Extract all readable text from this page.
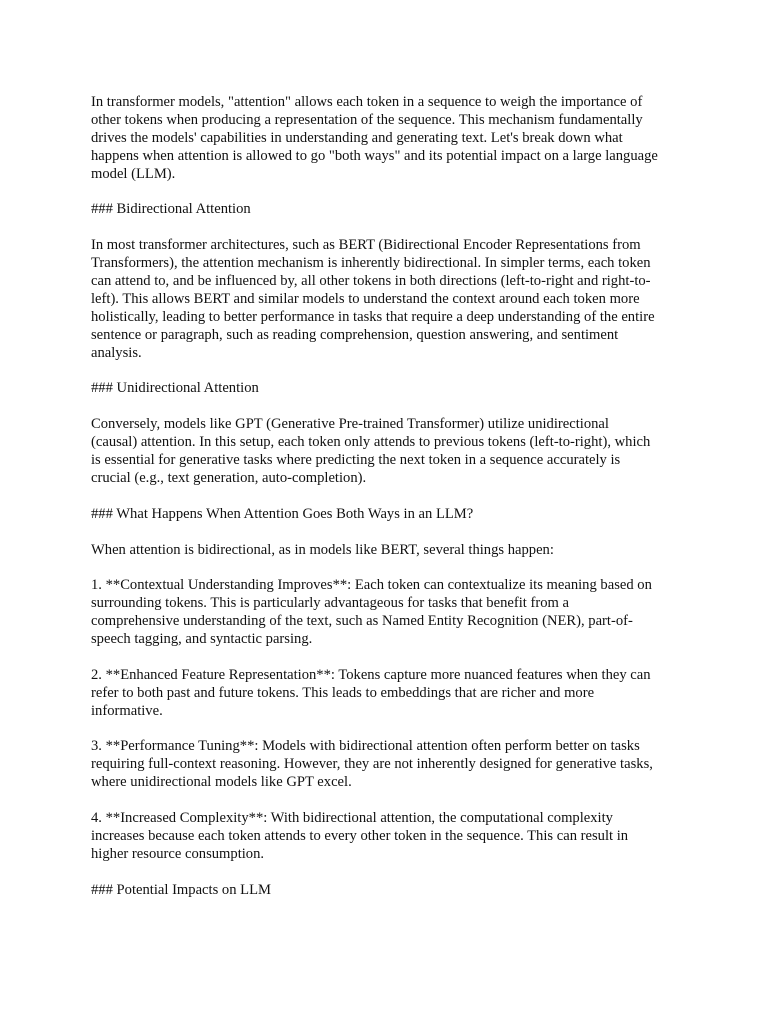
In transformer models, "attention" allows each token in a sequence to weigh the importance of
other tokens when producing a representation of the sequence. This mechanism fundamentally
drives the models' capabilities in understanding and generating text. Let's break down what
happens when attention is allowed to go "both ways" and its potential impact on a large language
model (LLM).

### Bidirectional Attention

In most transformer architectures, such as BERT (Bidirectional Encoder Representations from
Transformers), the attention mechanism is inherently bidirectional. In simpler terms, each token
can attend to, and be influenced by, all other tokens in both directions (left-to-right and right-to-
left). This allows BERT and similar models to understand the context around each token more
holistically, leading to better performance in tasks that require a deep understanding of the entire
sentence or paragraph, such as reading comprehension, question answering, and sentiment
analysis.

### Unidirectional Attention

Conversely, models like GPT (Generative Pre-trained Transformer) utilize unidirectional
(causal) attention. In this setup, each token only attends to previous tokens (left-to-right), which
is essential for generative tasks where predicting the next token in a sequence accurately is
crucial (e.g., text generation, auto-completion).

### What Happens When Attention Goes Both Ways in an LLM?

When attention is bidirectional, as in models like BERT, several things happen:

1. **Contextual Understanding Improves**: Each token can contextualize its meaning based on
surrounding tokens. This is particularly advantageous for tasks that benefit from a
comprehensive understanding of the text, such as Named Entity Recognition (NER), part-of-
speech tagging, and syntactic parsing.

2. **Enhanced Feature Representation**: Tokens capture more nuanced features when they can
refer to both past and future tokens. This leads to embeddings that are richer and more
informative.

3. **Performance Tuning**: Models with bidirectional attention often perform better on tasks
requiring full-context reasoning. However, they are not inherently designed for generative tasks,
where unidirectional models like GPT excel.

4. **Increased Complexity**: With bidirectional attention, the computational complexity
increases because each token attends to every other token in the sequence. This can result in
higher resource consumption.

### Potential Impacts on LLM
